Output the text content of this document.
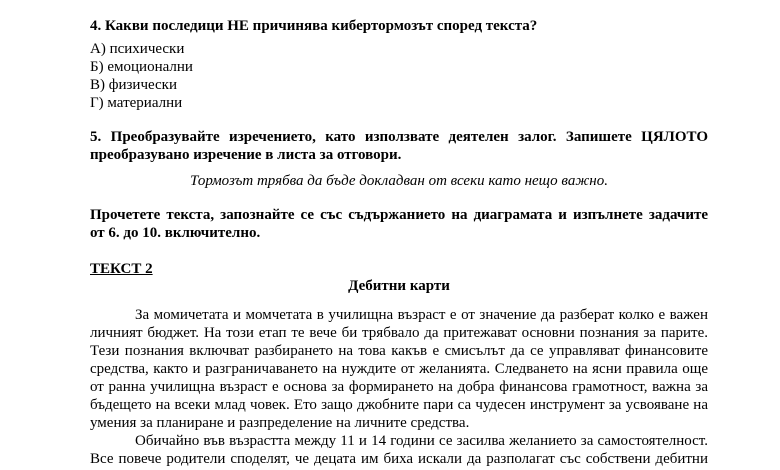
4. Какви последици НЕ причинява кибертормозът според текста?
А) психически
Б) емоционални
В) физически
Г) материални
5. Преобразувайте изречението, като използвате деятелен залог. Запишете ЦЯЛОТО
преобразувано изречение в листа за отговори.
Тормозът трябва да бъде докладван от всеки като нещо важно.
Прочетете текста, запознайте се със съдържанието на диаграмата и изпълнете задачите
от 6. до 10. включително.
ТЕКСТ 2
Дебитни карти
За момичетата и момчетата в училищна възраст е от значение да разберат колко е важен
личният бюджет. На този етап те вече би трябвало да притежават основни познания за парите.
Тези познания включват разбирането на това какъв е смисълът да се управляват финансовите
средства, както и разграничаването на нуждите от желанията. Следването на ясни правила още
от ранна училищна възраст е основа за формирането на добра финансова грамотност, важна за
бъдещето на всеки млад човек. Ето защо джобните пари са чудесен инструмент за усвояване на
умения за планиране и разпределение на личните средства.
Обичайно във възрастта между 11 и 14 години се засилва желанието за самостоятелност.
Все повече родители споделят, че децата им биха искали да разполагат със собствени дебитни
